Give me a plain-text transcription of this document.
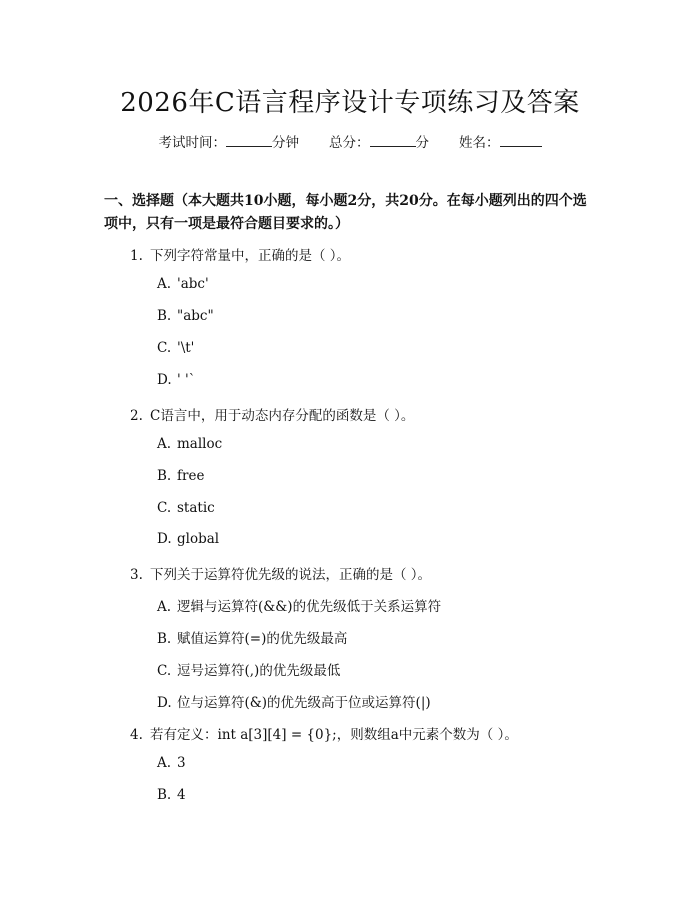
2026年C语言程序设计专项练习及答案
考试时间：	分钟 总分：	分 姓名：
一、选择题（本大题共10小题，每小题2分，共20分。在每小题列出的四个选项中，只有一项是最符合题目要求的。）
1. 下列字符常量中，正确的是（ ）。
A. 'abc'
B. "abc"
C. '\t'
D. ' '`
2. C语言中，用于动态内存分配的函数是（ ）。
A. malloc
B. free
C. static
D. global
3. 下列关于运算符优先级的说法，正确的是（ ）。
A. 逻辑与运算符(&&)的优先级低于关系运算符
B. 赋值运算符(=)的优先级最高
C. 逗号运算符(,)的优先级最低
D. 位与运算符(&)的优先级高于位或运算符(|)
4. 若有定义：int a[3][4] = {0};，则数组a中元素个数为（ ）。
A. 3
B. 4
